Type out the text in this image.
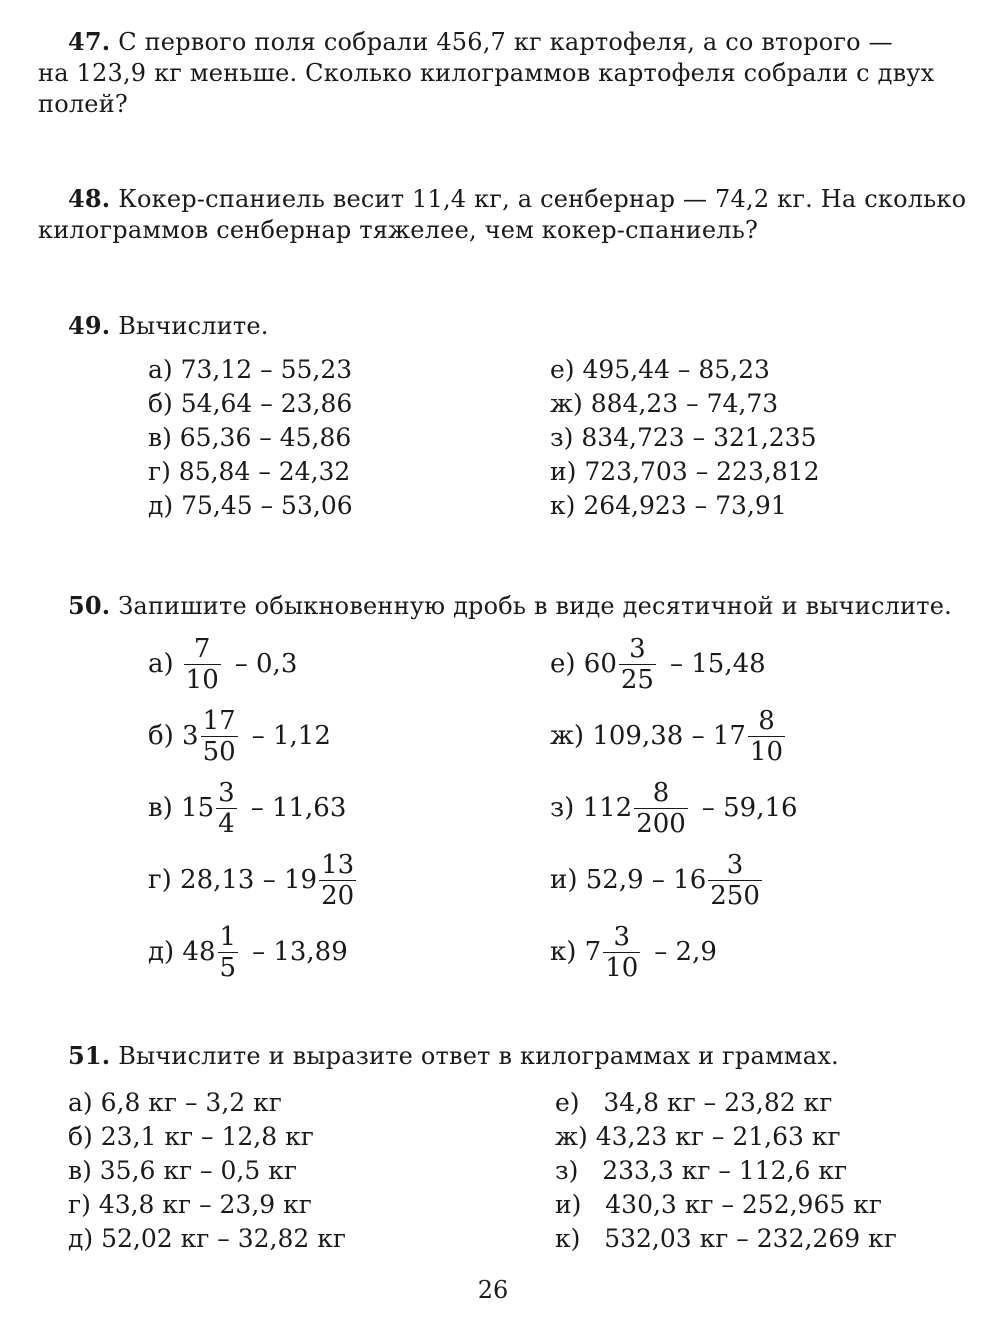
47. С первого поля собрали 456,7 кг картофеля, а со второго —
на 123,9 кг меньше. Сколько килограммов картофеля собрали с двух
полей?
48. Кокер-спаниель весит 11,4 кг, а сенбернар — 74,2 кг. На сколько
килограммов сенбернар тяжелее, чем кокер-спаниель?
49. Вычислите.
а) 73,12 – 55,23
б) 54,64 – 23,86
в) 65,36 – 45,86
г) 85,84 – 24,32
д) 75,45 – 53,06
е) 495,44 – 85,23
ж) 884,23 – 74,73
з) 834,723 – 321,235
и) 723,703 – 223,812
к) 264,923 – 73,91
50. Запишите обыкновенную дробь в виде десятичной и вычислите.
$а) \frac{7}{10} - 0,3$
б) $3 \frac{17}{50} - 1,12$
в) $15 \frac{3}{4} - 11,63$
г) $28,13 - 19 \frac{13}{20}$
д) $48 \frac{1}{5} - 13,89$
е) $60 \frac{3}{25} - 15,48$
ж) $109,38 - 17 \frac{8}{10}$
з) $112 \frac{8}{200} - 59,16$
и) $52,9 - 16 \frac{3}{250}$
к) $7 \frac{3}{10} - 2,9$
51. Вычислите и выразите ответ в килограммах и граммах.
а) 6,8 кг – 3,2 кг
б) 23,1 кг – 12,8 кг
в) 35,6 кг – 0,5 кг
г) 43,8 кг – 23,9 кг
д) 52,02 кг – 32,82 кг
е)   34,8 кг – 23,82 кг
ж) 43,23 кг – 21,63 кг
з)   233,3 кг – 112,6 кг
и)   430,3 кг – 252,965 кг
к)   532,03 кг – 232,269 кг
26
